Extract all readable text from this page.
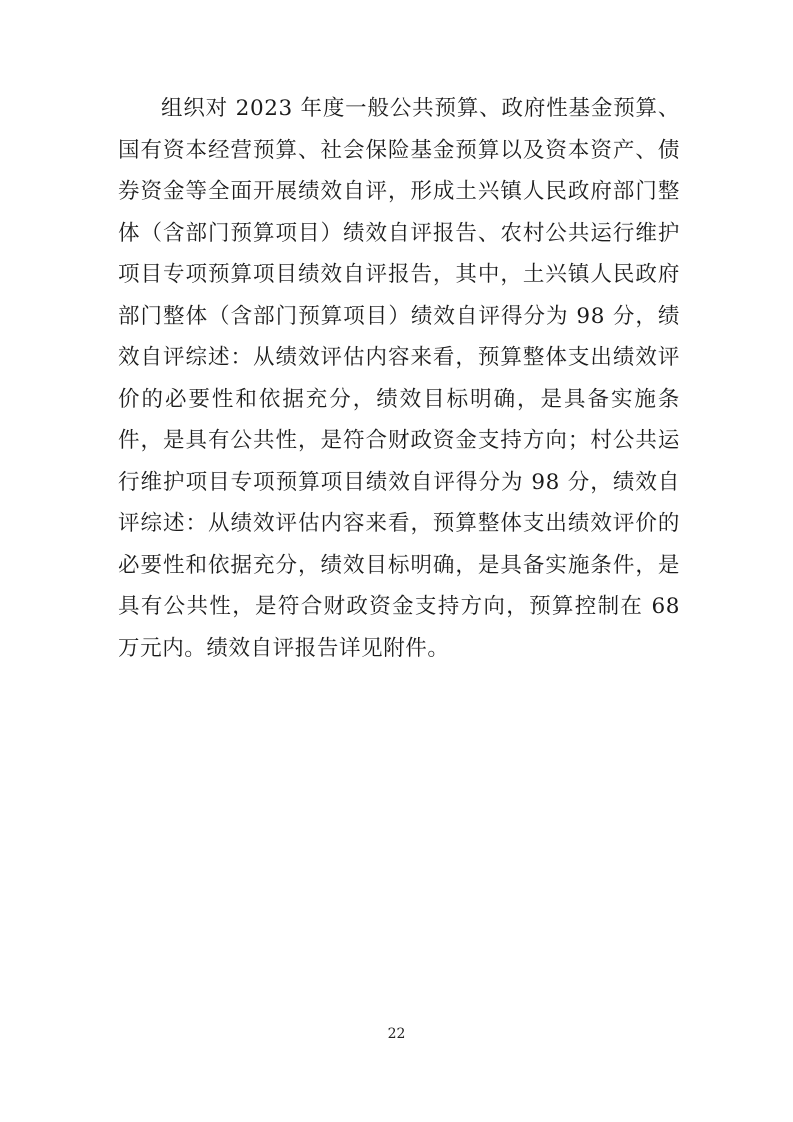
组织对 2023 年度一般公共预算、政府性基金预算、国有资本经营预算、社会保险基金预算以及资本资产、债券资金等全面开展绩效自评，形成土兴镇人民政府部门整体（含部门预算项目）绩效自评报告、农村公共运行维护项目专项预算项目绩效自评报告，其中，土兴镇人民政府部门整体（含部门预算项目）绩效自评得分为 98 分，绩效自评综述：从绩效评估内容来看，预算整体支出绩效评价的必要性和依据充分，绩效目标明确，是具备实施条件，是具有公共性，是符合财政资金支持方向；村公共运行维护项目专项预算项目绩效自评得分为 98 分，绩效自评综述：从绩效评估内容来看，预算整体支出绩效评价的必要性和依据充分，绩效目标明确，是具备实施条件，是具有公共性，是符合财政资金支持方向，预算控制在 68 万元内。绩效自评报告详见附件。

22
